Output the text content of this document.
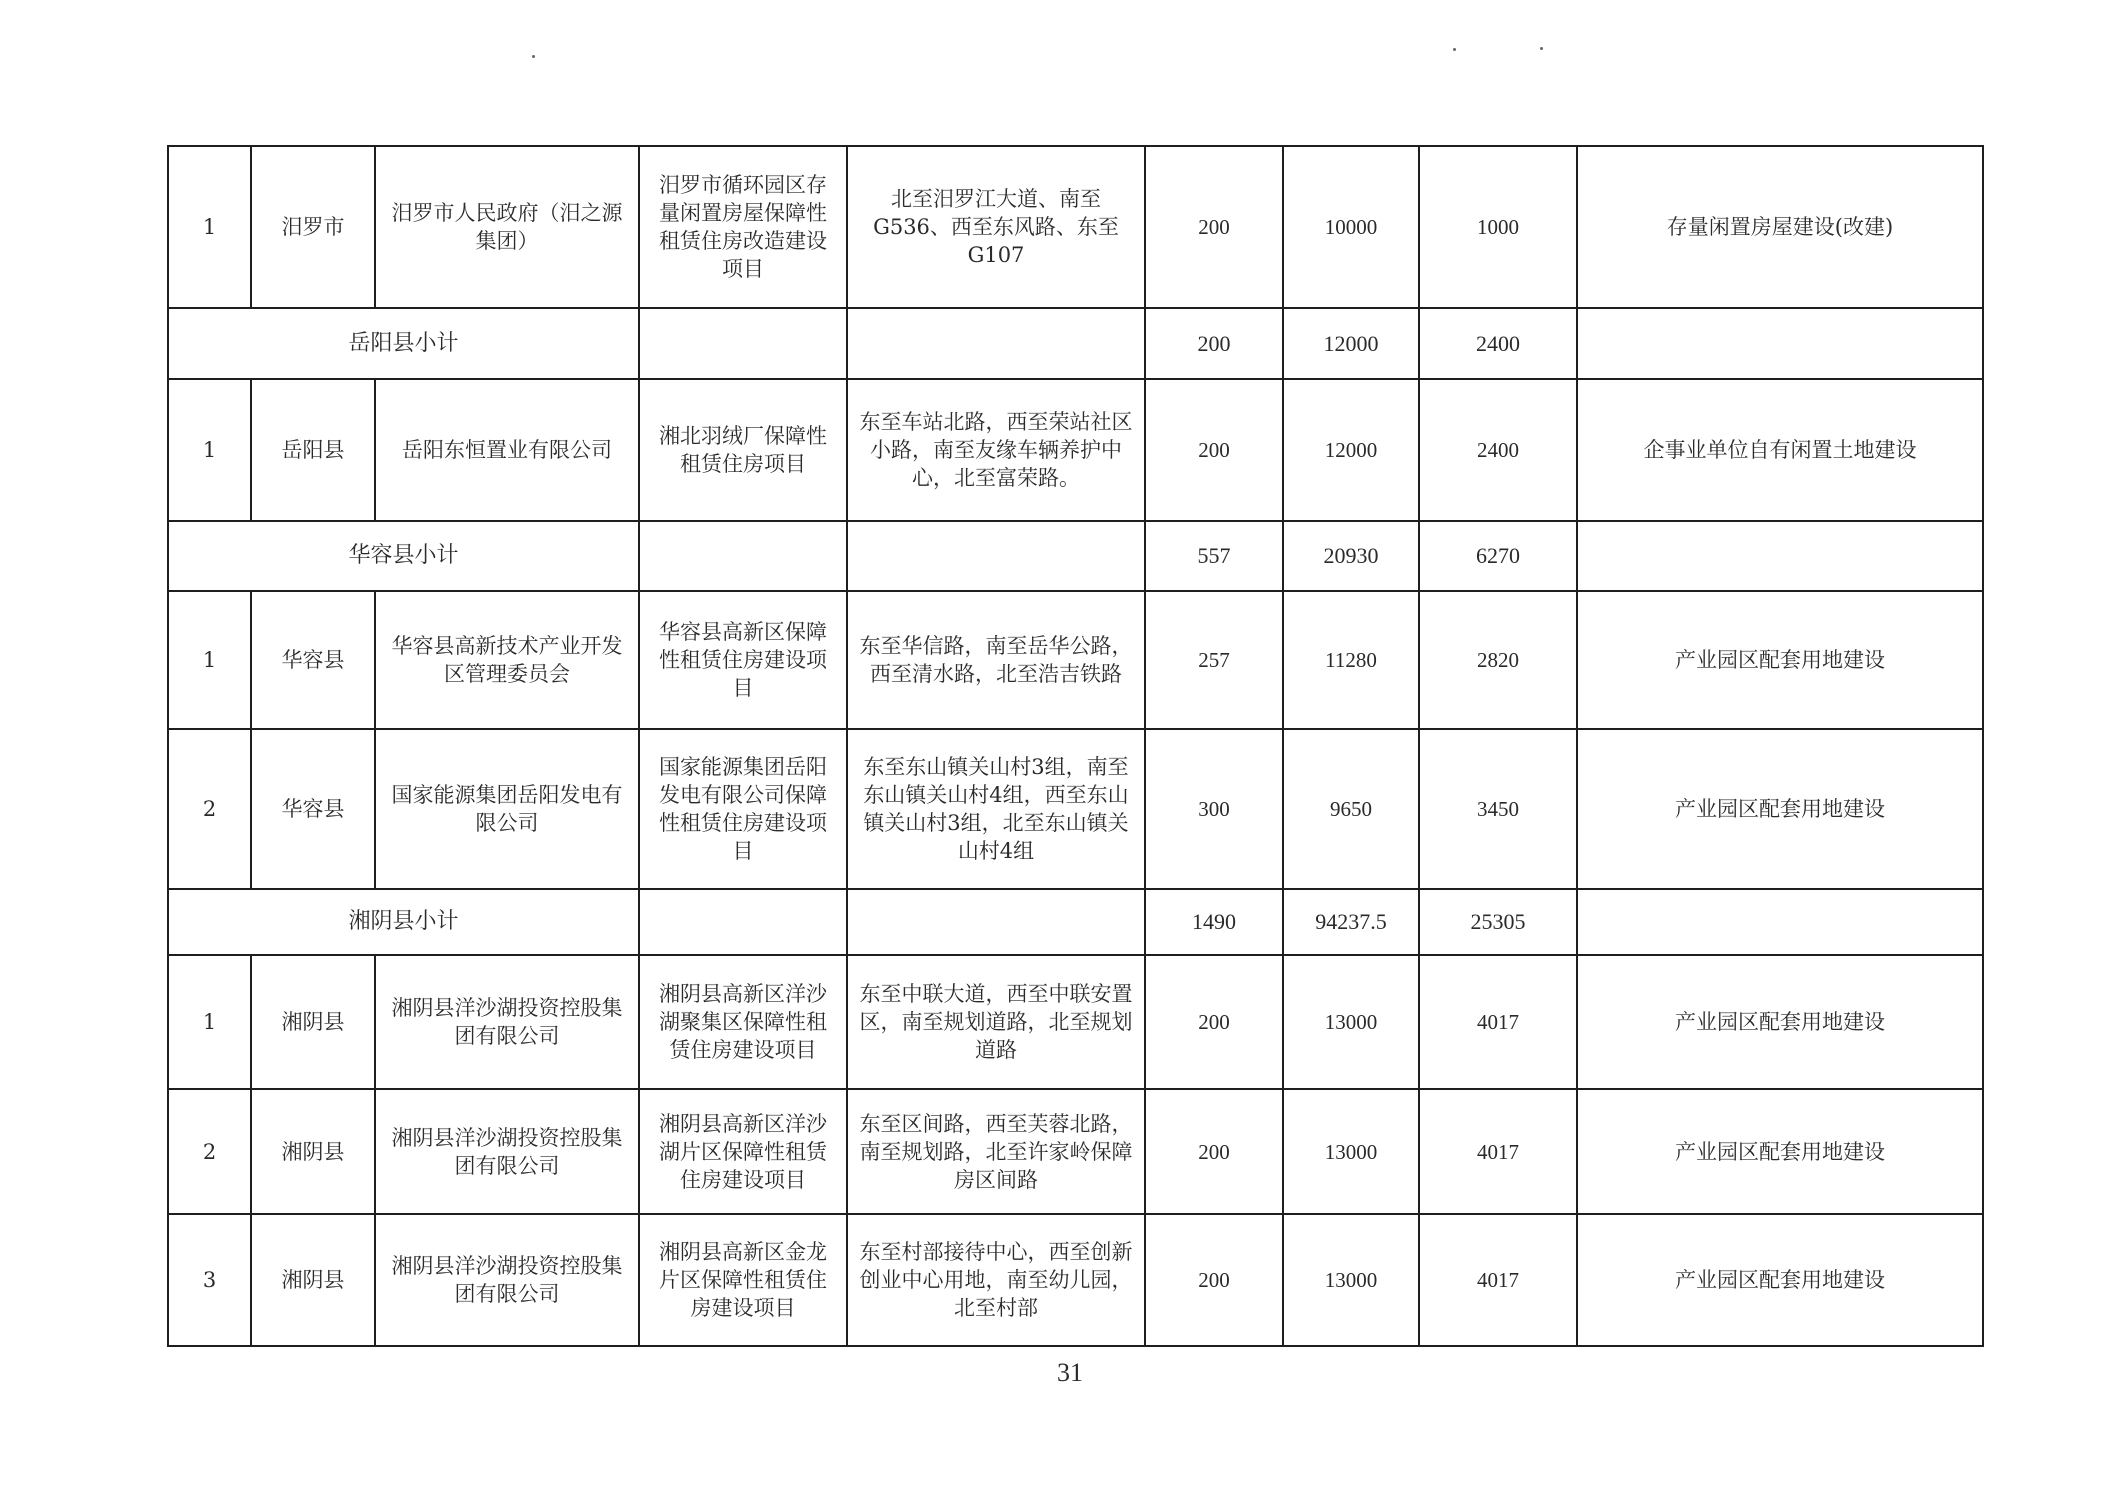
1	汨罗市	汨罗市人民政府（汨之源集团）	汨罗市循环园区存量闲置房屋保障性租赁住房改造建设项目	北至汨罗江大道、南至G536、西至东风路、东至G107	200	10000	1000	存量闲置房屋建设(改建)
岳阳县小计					200	12000	2400	
1	岳阳县	岳阳东恒置业有限公司	湘北羽绒厂保障性租赁住房项目	东至车站北路，西至荣站社区小路，南至友缘车辆养护中心，北至富荣路。	200	12000	2400	企事业单位自有闲置土地建设
华容县小计					557	20930	6270	
1	华容县	华容县高新技术产业开发区管理委员会	华容县高新区保障性租赁住房建设项目	东至华信路，南至岳华公路，西至清水路，北至浩吉铁路	257	11280	2820	产业园区配套用地建设
2	华容县	国家能源集团岳阳发电有限公司	国家能源集团岳阳发电有限公司保障性租赁住房建设项目	东至东山镇关山村3组，南至东山镇关山村4组，西至东山镇关山村3组，北至东山镇关山村4组	300	9650	3450	产业园区配套用地建设
湘阴县小计					1490	94237.5	25305	
1	湘阴县	湘阴县洋沙湖投资控股集团有限公司	湘阴县高新区洋沙湖聚集区保障性租赁住房建设项目	东至中联大道，西至中联安置区，南至规划道路，北至规划道路	200	13000	4017	产业园区配套用地建设
2	湘阴县	湘阴县洋沙湖投资控股集团有限公司	湘阴县高新区洋沙湖片区保障性租赁住房建设项目	东至区间路，西至芙蓉北路，南至规划路，北至许家岭保障房区间路	200	13000	4017	产业园区配套用地建设
3	湘阴县	湘阴县洋沙湖投资控股集团有限公司	湘阴县高新区金龙片区保障性租赁住房建设项目	东至村部接待中心，西至创新创业中心用地，南至幼儿园，北至村部	200	13000	4017	产业园区配套用地建设
31
